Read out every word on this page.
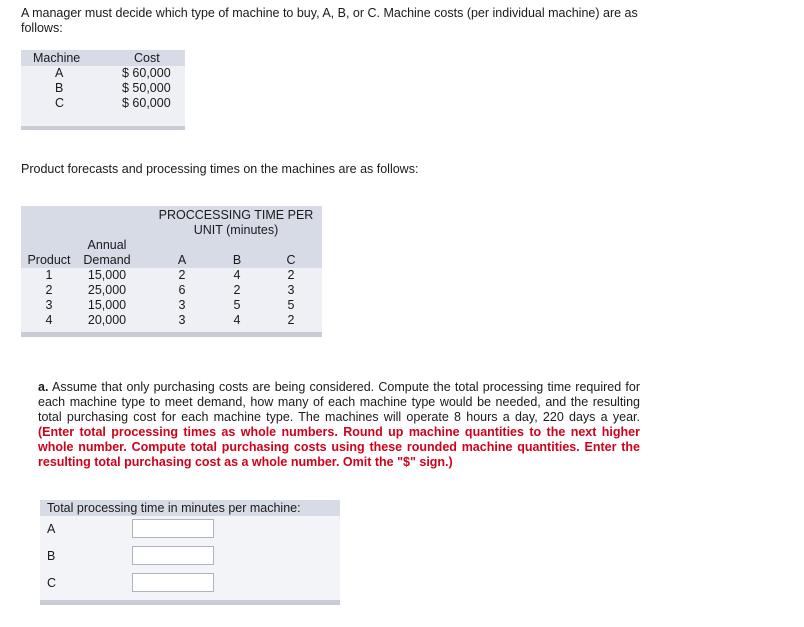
A manager must decide which type of machine to buy, A, B, or C. Machine costs (per individual machine) are as follows:
Machine	Cost
A	$ 60,000
B	$ 50,000
C	$ 60,000
Product forecasts and processing times on the machines are as follows:
PROCCESSING TIME PER
UNIT (minutes)
Annual
Product	Demand	A	B	C
1	15,000	2	4	2
2	25,000	6	2	3
3	15,000	3	5	5
4	20,000	3	4	2
a. Assume that only purchasing costs are being considered. Compute the total processing time required for each machine type to meet demand, how many of each machine type would be needed, and the resulting total purchasing cost for each machine type. The machines will operate 8 hours a day, 220 days a year. (Enter total processing times as whole numbers. Round up machine quantities to the next higher whole number. Compute total purchasing costs using these rounded machine quantities. Enter the resulting total purchasing cost as a whole number. Omit the "$" sign.)
Total processing time in minutes per machine:
A
B
C
